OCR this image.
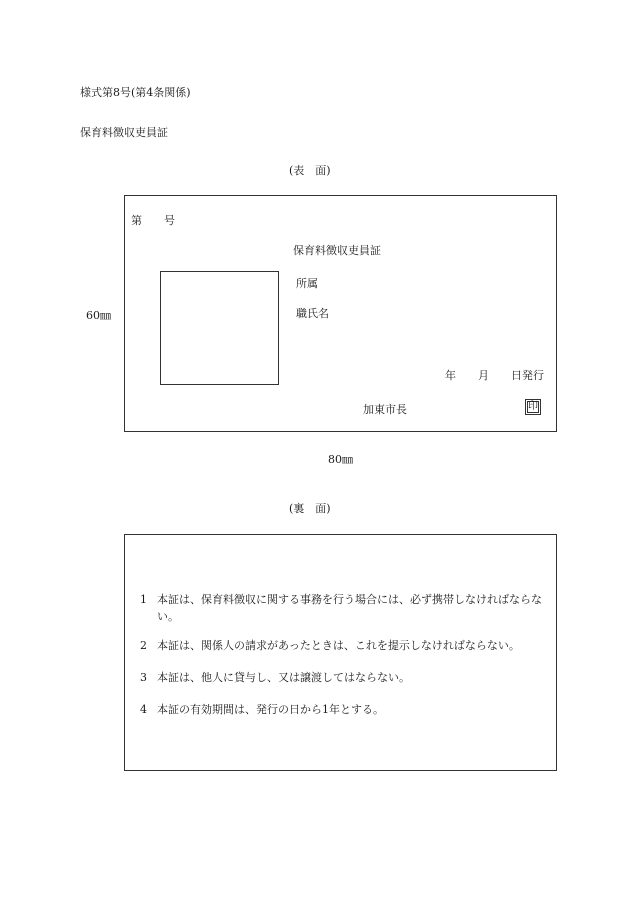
様式第8号(第4条関係)
保育料徴収吏員証
(表　面)
第　　号
保育料徴収吏員証
所属
職氏名
年　　月　　日発行
加東市長	印
60㎜
80㎜
(裏　面)
1 本証は、保育料徴収に関する事務を行う場合には、必ず携帯しなければならない。
2 本証は、関係人の請求があったときは、これを提示しなければならない。
3 本証は、他人に貸与し、又は譲渡してはならない。
4 本証の有効期間は、発行の日から1年とする。
